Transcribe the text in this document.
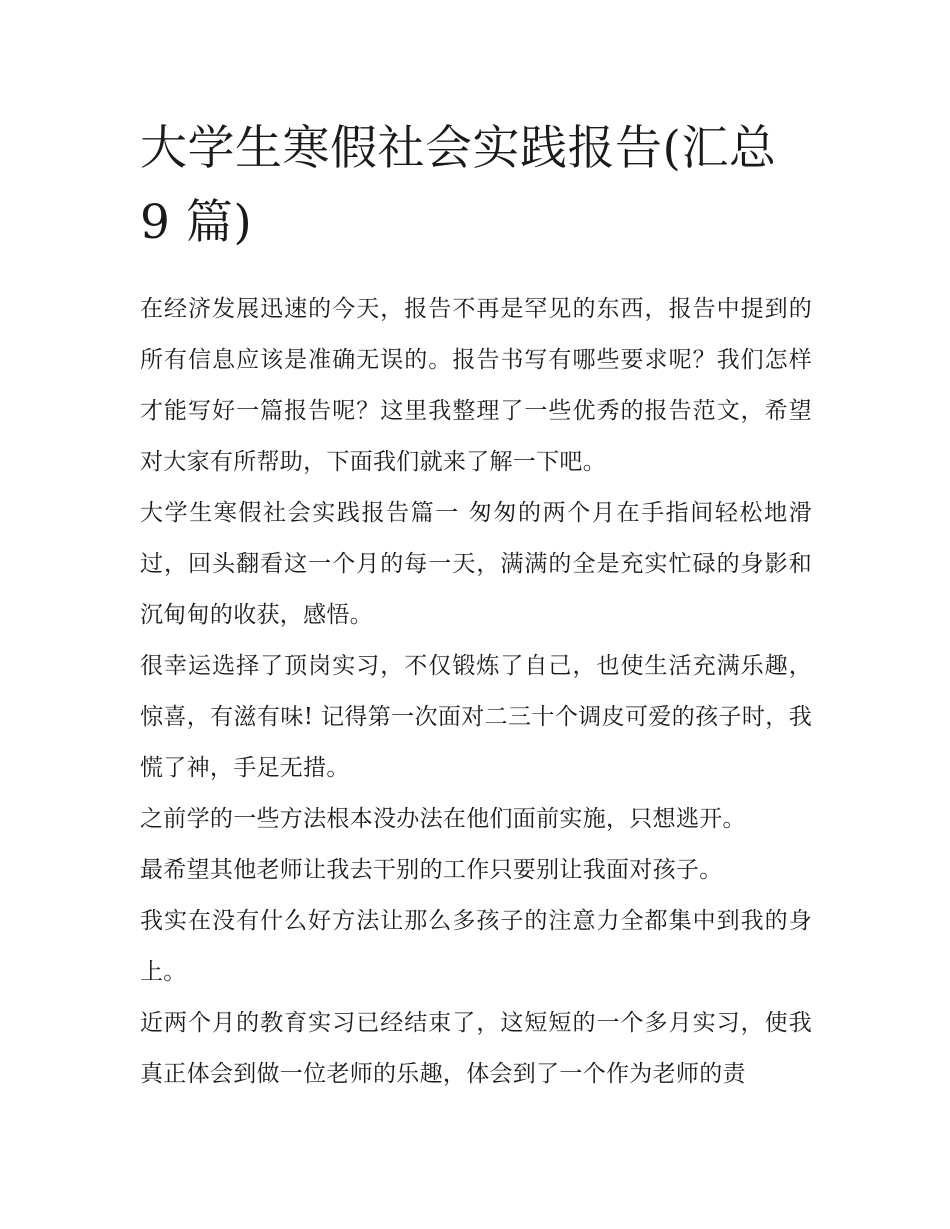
大学生寒假社会实践报告(汇总 9 篇)

在经济发展迅速的今天，报告不再是罕见的东西，报告中提到的所有信息应该是准确无误的。报告书写有哪些要求呢？我们怎样才能写好一篇报告呢？这里我整理了一些优秀的报告范文，希望对大家有所帮助，下面我们就来了解一下吧。

大学生寒假社会实践报告篇一 匆匆的两个月在手指间轻松地滑过，回头翻看这一个月的每一天，满满的全是充实忙碌的身影和沉甸甸的收获，感悟。

很幸运选择了顶岗实习，不仅锻炼了自己，也使生活充满乐趣，惊喜，有滋有味! 记得第一次面对二三十个调皮可爱的孩子时，我慌了神，手足无措。

之前学的一些方法根本没办法在他们面前实施，只想逃开。

最希望其他老师让我去干别的工作只要别让我面对孩子。

我实在没有什么好方法让那么多孩子的注意力全都集中到我的身上。

近两个月的教育实习已经结束了，这短短的一个多月实习，使我真正体会到做一位老师的乐趣，体会到了一个作为老师的责
